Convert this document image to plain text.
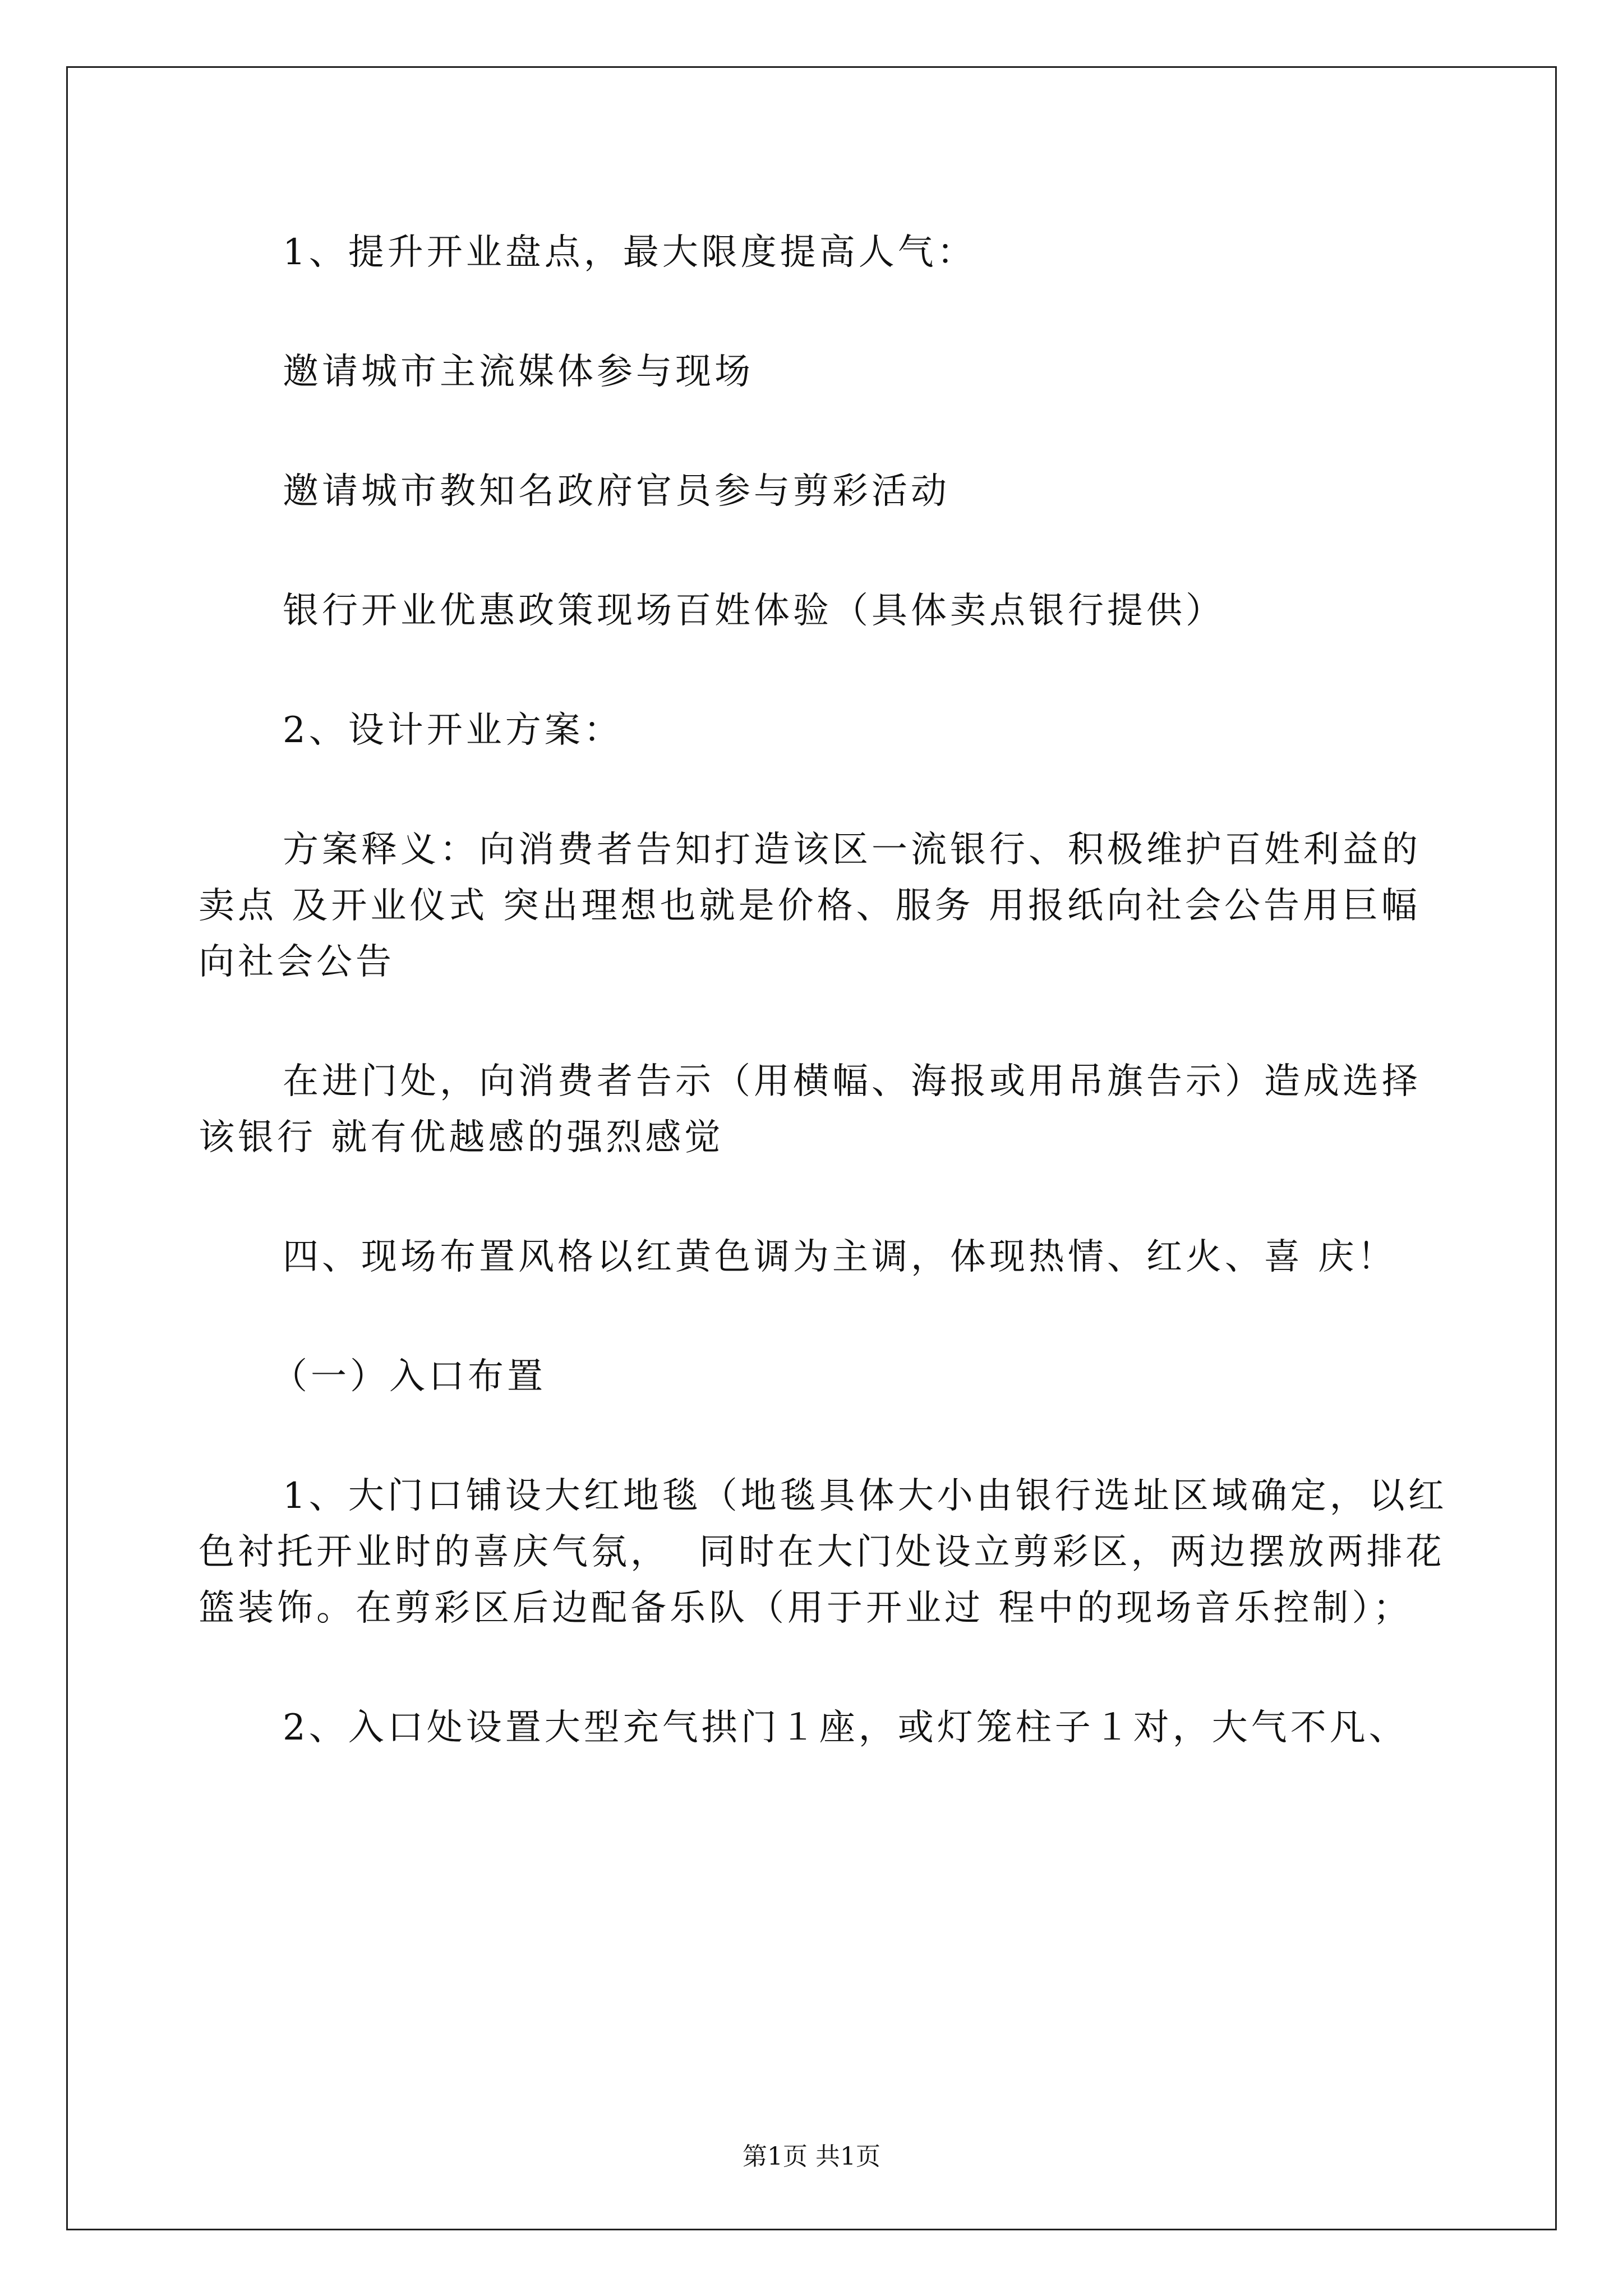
1、提升开业盘点，最大限度提高人气：

邀请城市主流媒体参与现场

邀请城市教知名政府官员参与剪彩活动

银行开业优惠政策现场百姓体验（具体卖点银行提供）

2、设计开业方案：

方案释义：向消费者告知打造该区一流银行、积极维护百姓利益的卖点 及开业仪式 突出理想也就是价格、服务 用报纸向社会公告用巨幅向社会公告

在进门处，向消费者告示（用横幅、海报或用吊旗告示）造成选择该银行 就有优越感的强烈感觉

四、现场布置风格以红黄色调为主调，体现热情、红火、喜 庆！

（一）入口布置

1、大门口铺设大红地毯（地毯具体大小由银行选址区域确定，以红色衬托开业时的喜庆气氛，  同时在大门处设立剪彩区，两边摆放两排花篮装饰。在剪彩区后边配备乐队（用于开业过 程中的现场音乐控制）；

2、入口处设置大型充气拱门１座，或灯笼柱子１对，大气不凡、

第1页 共1页
